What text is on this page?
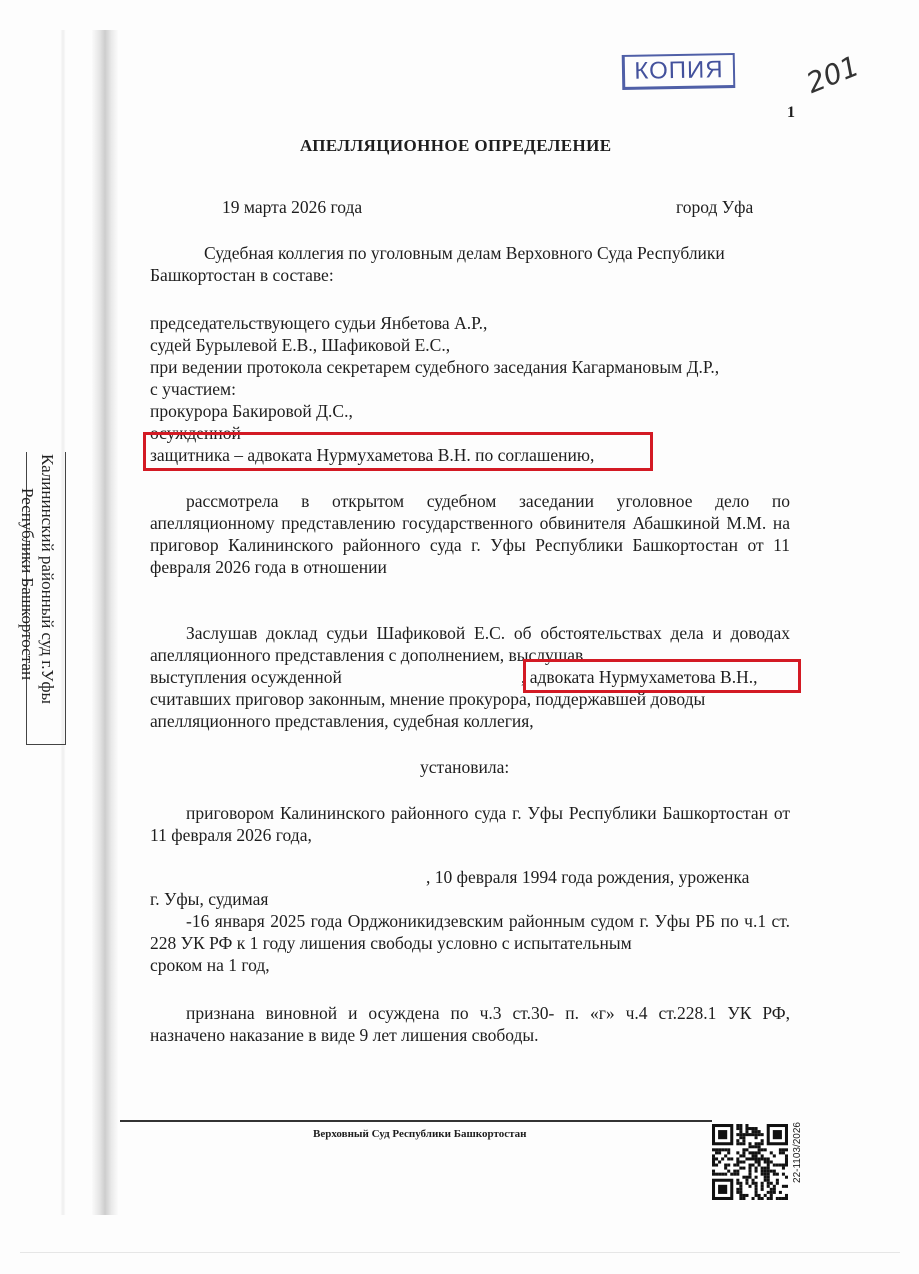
КОПИЯ	201
1
АПЕЛЛЯЦИОННОЕ ОПРЕДЕЛЕНИЕ
19 марта 2026 года	город Уфа
Судебная коллегия по уголовным делам Верховного Суда Республики
Башкортостан в составе:
председательствующего судьи Янбетова А.Р.,
судей Бурылевой Е.В., Шафиковой Е.С.,
при ведении протокола секретарем судебного заседания Кагармановым Д.Р.,
с участием:
прокурора Бакировой Д.С.,
осужденной
защитника – адвоката Нурмухаметова В.Н. по соглашению,
рассмотрела в открытом судебном заседании уголовное дело по апелляционному представлению государственного обвинителя Абашкиной М.М. на приговор Калининского районного суда г. Уфы Республики Башкортостан от 11 февраля 2026 года в отношении
Заслушав доклад судьи Шафиковой Е.С. об обстоятельствах дела и доводах апелляционного представления с дополнением, выслушав
выступления осужденной	, адвоката Нурмухаметова В.Н.,
считавших приговор законным, мнение прокурора, поддержавшей доводы
апелляционного представления, судебная коллегия,
установила:
приговором Калининского районного суда г. Уфы Республики Башкортостан от 11 февраля 2026 года,
, 10 февраля 1994 года рождения, уроженка
г. Уфы, судимая
-16 января 2025 года Орджоникидзевским районным судом г. Уфы РБ по ч.1 ст. 228 УК РФ к 1 году лишения свободы условно с испытательным
сроком на 1 год,
признана виновной и осуждена по ч.3 ст.30- п. «г» ч.4 ст.228.1 УК РФ, назначено наказание в виде 9 лет лишения свободы.
Калининский районный суд г.Уфы
Республики Башкортостан
Верховный Суд Республики Башкортостан	22-1103/2026
